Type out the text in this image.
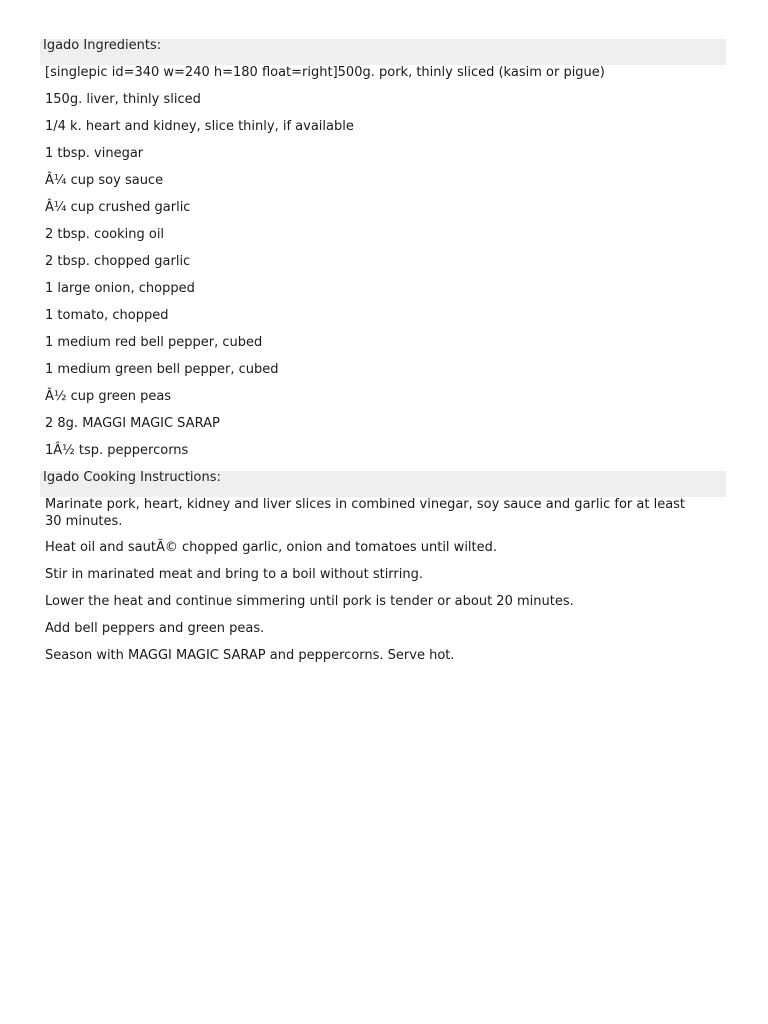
Igado Ingredients:
[singlepic id=340 w=240 h=180 float=right]500g. pork, thinly sliced (kasim or pigue)
150g. liver, thinly sliced
1/4 k. heart and kidney, slice thinly, if available
1 tbsp. vinegar
Â¼ cup soy sauce
Â¼ cup crushed garlic
2 tbsp. cooking oil
2 tbsp. chopped garlic
1 large onion, chopped
1 tomato, chopped
1 medium red bell pepper, cubed
1 medium green bell pepper, cubed
Â½ cup green peas
2 8g. MAGGI MAGIC SARAP
1Â½ tsp. peppercorns
Igado Cooking Instructions:
Marinate pork, heart, kidney and liver slices in combined vinegar, soy sauce and garlic for at least 30 minutes.
Heat oil and sautÃ© chopped garlic, onion and tomatoes until wilted.
Stir in marinated meat and bring to a boil without stirring.
Lower the heat and continue simmering until pork is tender or about 20 minutes.
Add bell peppers and green peas.
Season with MAGGI MAGIC SARAP and peppercorns. Serve hot.
